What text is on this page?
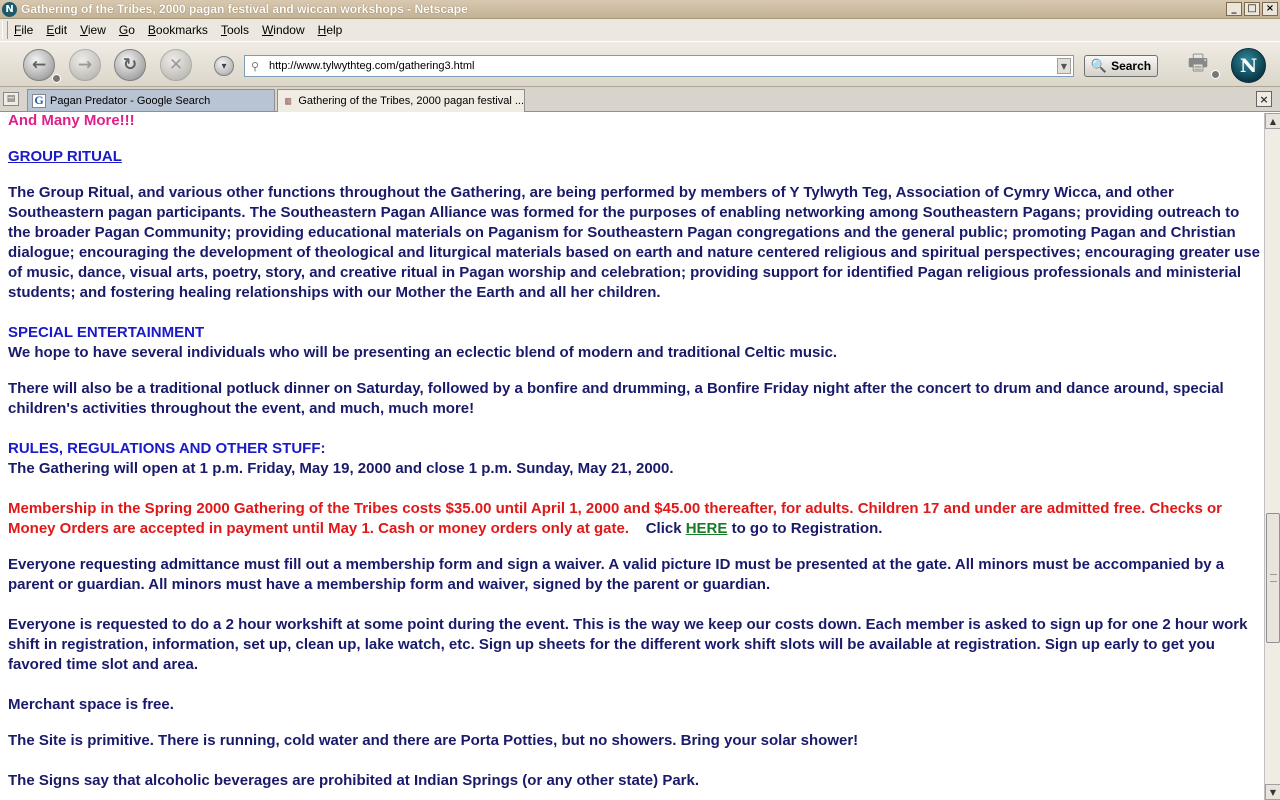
N Gathering of the Tribes, 2000 pagan festival and wiccan workshops - Netscape	_	□ ×
File	Edit	View	Go	Bookmarks	Tools	Window	Help
← → ↻ ✕	▾ ⚲
http://www.tylwythteg.com/gathering3.html	▼ 🔍 Search 🖶	N
▤	G Pagan Predator - Google Search	▥ Gathering of the Tribes, 2000 pagan festival ...	×

And Many More!!!

GROUP RITUAL

The Group Ritual, and various other functions throughout the Gathering, are being performed by members of Y Tylwyth Teg, Association of Cymry Wicca, and other Southeastern pagan participants. The Southeastern Pagan Alliance was formed for the purposes of enabling networking among Southeastern Pagans; providing outreach to the broader Pagan Community; providing educational materials on Paganism for Southeastern Pagan congregations and the general public; promoting Pagan and Christian dialogue; encouraging the development of theological and liturgical materials based on earth and nature centered religious and spiritual perspectives; encouraging greater use of music, dance, visual arts, poetry, story, and creative ritual in Pagan worship and celebration; providing support for identified Pagan religious professionals and ministerial students; and fostering healing relationships with our Mother the Earth and all her children.

SPECIAL ENTERTAINMENT

We hope to have several individuals who will be presenting an eclectic blend of modern and traditional Celtic music.

There will also be a traditional potluck dinner on Saturday, followed by a bonfire and drumming, a Bonfire Friday night after the concert to drum and dance around, special children's activities throughout the event, and much, much more!

RULES, REGULATIONS AND OTHER STUFF:

The Gathering will open at 1 p.m. Friday, May 19, 2000 and close 1 p.m. Sunday, May 21, 2000.

Membership in the Spring 2000 Gathering of the Tribes costs $35.00 until April 1, 2000 and $45.00 thereafter, for adults. Children 17 and under are admitted free. Checks or Money Orders are accepted in payment until May 1. Cash or money orders only at gate. Click HERE to go to Registration.

Everyone requesting admittance must fill out a membership form and sign a waiver. A valid picture ID must be presented at the gate. All minors must be accompanied by a parent or guardian. All minors must have a membership form and waiver, signed by the parent or guardian.

Everyone is requested to do a 2 hour workshift at some point during the event. This is the way we keep our costs down. Each member is asked to sign up for one 2 hour work shift in registration, information, set up, clean up, lake watch, etc. Sign up sheets for the different work shift slots will be available at registration. Sign up early to get you favored time slot and area.

Merchant space is free.

The Site is primitive. There is running, cold water and there are Porta Potties, but no showers. Bring your solar shower!

The Signs say that alcoholic beverages are prohibited at Indian Springs (or any other state) Park.

▲
▼
